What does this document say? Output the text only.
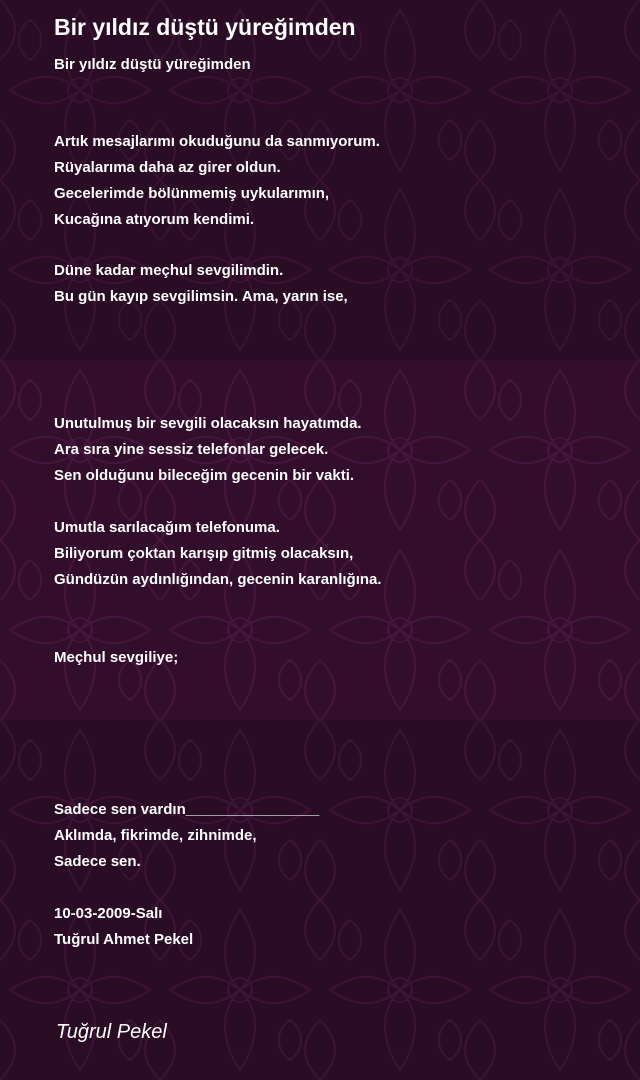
Bir yıldız düştü yüreğimden
Bir yıldız düştü yüreğimden
Artık mesajlarımı okuduğunu da sanmıyorum.
Rüyalarıma daha az girer oldun.
Gecelerimde bölünmemiş uykularımın,
Kucağına atıyorum kendimi.
Düne kadar meçhul sevgilimdin.
Bu gün kayıp sevgilimsin. Ama, yarın ise,
Unutulmuş bir sevgili olacaksın hayatımda.
Ara sıra yine sessiz telefonlar gelecek.
Sen olduğunu bileceğim gecenin bir vakti.
Umutla sarılacağım telefonuma.
Biliyorum çoktan karışıp gitmiş olacaksın,
Gündüzün aydınlığından, gecenin karanlığına.
Meçhul sevgiliye;
Sadece sen vardın________________
Aklımda, fikrimde, zihnimde,
Sadece sen.
10-03-2009-Salı
Tuğrul Ahmet Pekel
Tuğrul Pekel
